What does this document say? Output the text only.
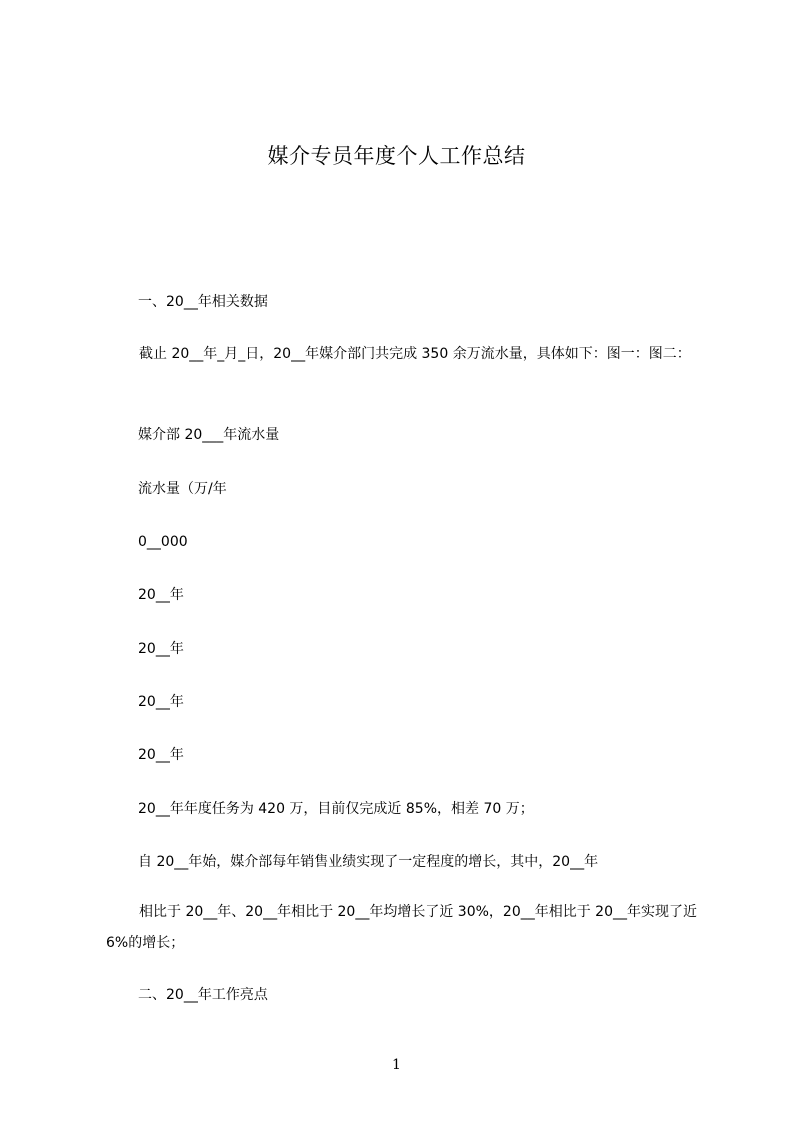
媒介专员年度个人工作总结
一、20__年相关数据
截止 20__年_月_日，20__年媒介部门共完成 350 余万流水量，具体如下：图一：图二：
媒介部 20___年流水量
流水量（万/年
0__000
20__年
20__年
20__年
20__年
20__年年度任务为 420 万，目前仅完成近 85%，相差 70 万；
自 20__年始，媒介部每年销售业绩实现了一定程度的增长，其中，20__年
相比于 20__年、20__年相比于 20__年均增长了近 30%，20__年相比于 20__年实现了近 6%的增长；
二、20__年工作亮点
1
